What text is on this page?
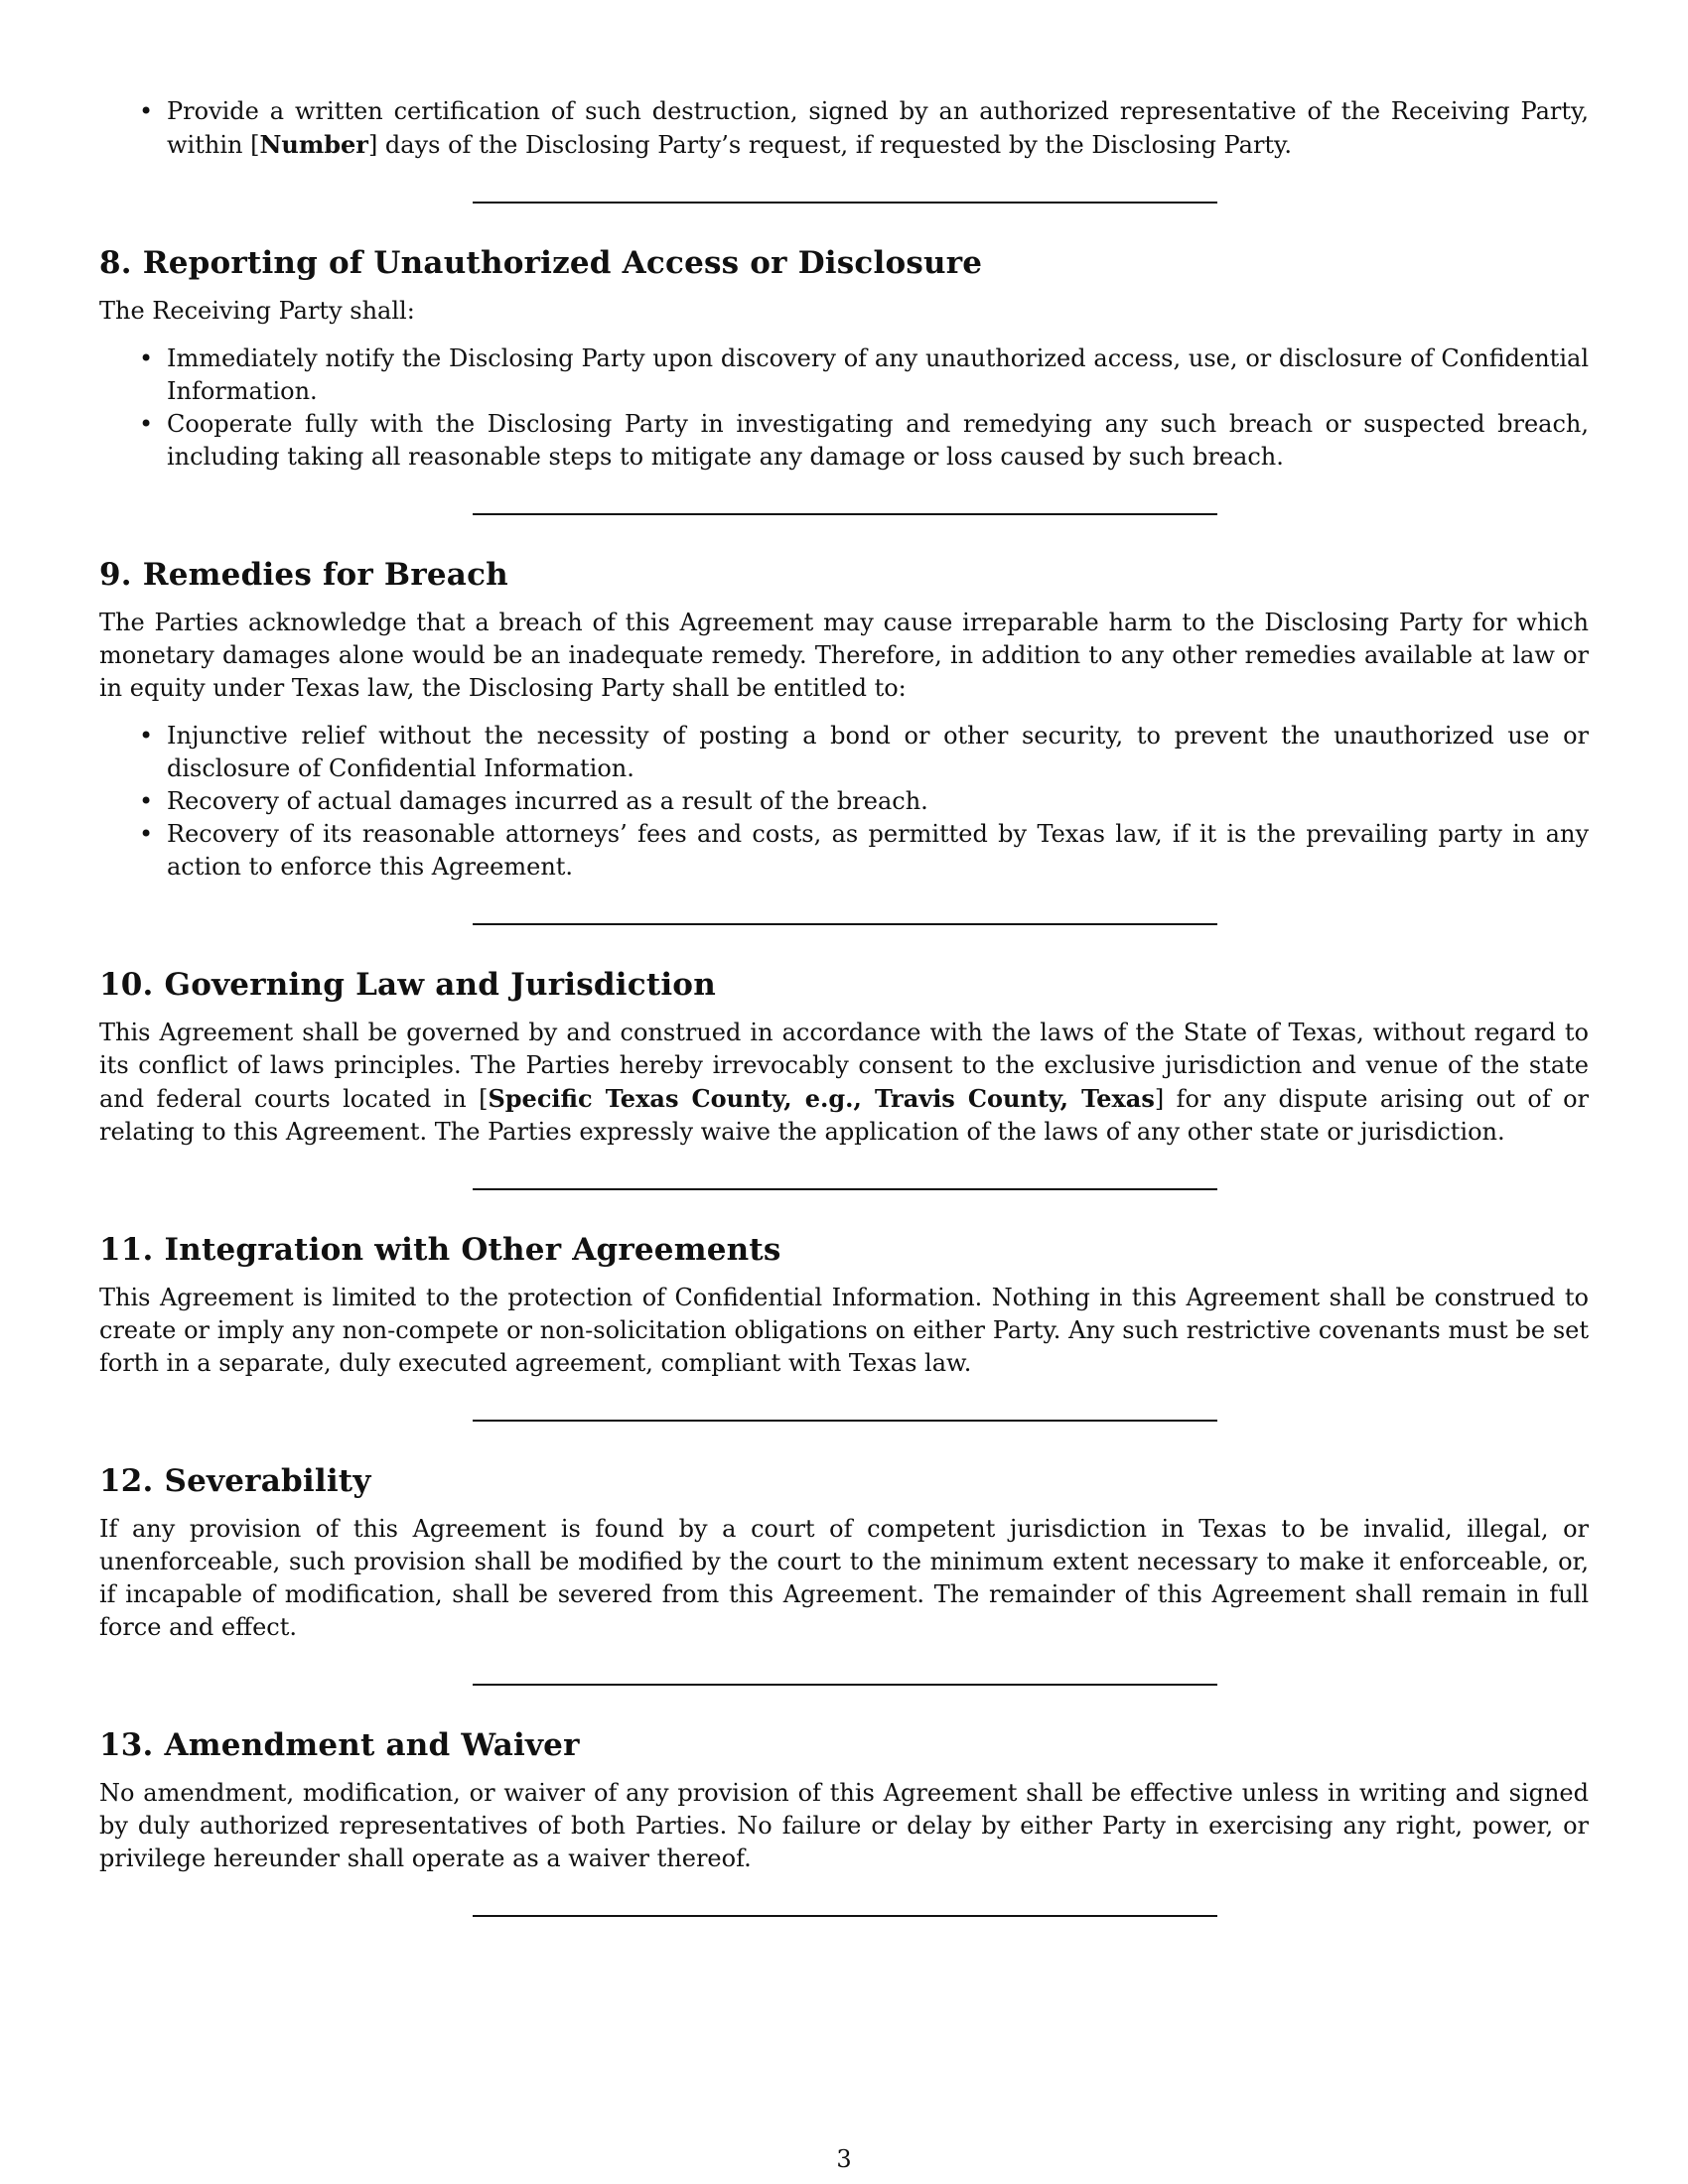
• Provide a written certification of such destruction, signed by an authorized representative of the Receiving Party, within [Number] days of the Disclosing Party’s request, if requested by the Disclosing Party.
8. Reporting of Unauthorized Access or Disclosure

The Receiving Party shall:

• Immediately notify the Disclosing Party upon discovery of any unauthorized access, use, or disclosure of Confidential Information.
• Cooperate fully with the Disclosing Party in investigating and remedying any such breach or suspected breach, including taking all reasonable steps to mitigate any damage or loss caused by such breach.
9. Remedies for Breach

The Parties acknowledge that a breach of this Agreement may cause irreparable harm to the Disclosing Party for which monetary damages alone would be an inadequate remedy. Therefore, in addition to any other remedies available at law or in equity under Texas law, the Disclosing Party shall be entitled to:

• Injunctive relief without the necessity of posting a bond or other security, to prevent the unauthorized use or disclosure of Confidential Information.
• Recovery of actual damages incurred as a result of the breach.
• Recovery of its reasonable attorneys’ fees and costs, as permitted by Texas law, if it is the prevailing party in any action to enforce this Agreement.
10. Governing Law and Jurisdiction

This Agreement shall be governed by and construed in accordance with the laws of the State of Texas, without regard to its conflict of laws principles. The Parties hereby irrevocably consent to the exclusive jurisdiction and venue of the state and federal courts located in [Specific Texas County, e.g., Travis County, Texas] for any dispute arising out of or relating to this Agreement. The Parties expressly waive the application of the laws of any other state or jurisdiction.

11. Integration with Other Agreements

This Agreement is limited to the protection of Confidential Information. Nothing in this Agreement shall be construed to create or imply any non-compete or non-solicitation obligations on either Party. Any such restrictive covenants must be set forth in a separate, duly executed agreement, compliant with Texas law.

12. Severability

If any provision of this Agreement is found by a court of competent jurisdiction in Texas to be invalid, illegal, or unenforceable, such provision shall be modified by the court to the minimum extent necessary to make it enforceable, or, if incapable of modification, shall be severed from this Agreement. The remainder of this Agreement shall remain in full force and effect.

13. Amendment and Waiver

No amendment, modification, or waiver of any provision of this Agreement shall be effective unless in writing and signed by duly authorized representatives of both Parties. No failure or delay by either Party in exercising any right, power, or privilege hereunder shall operate as a waiver thereof.

3
